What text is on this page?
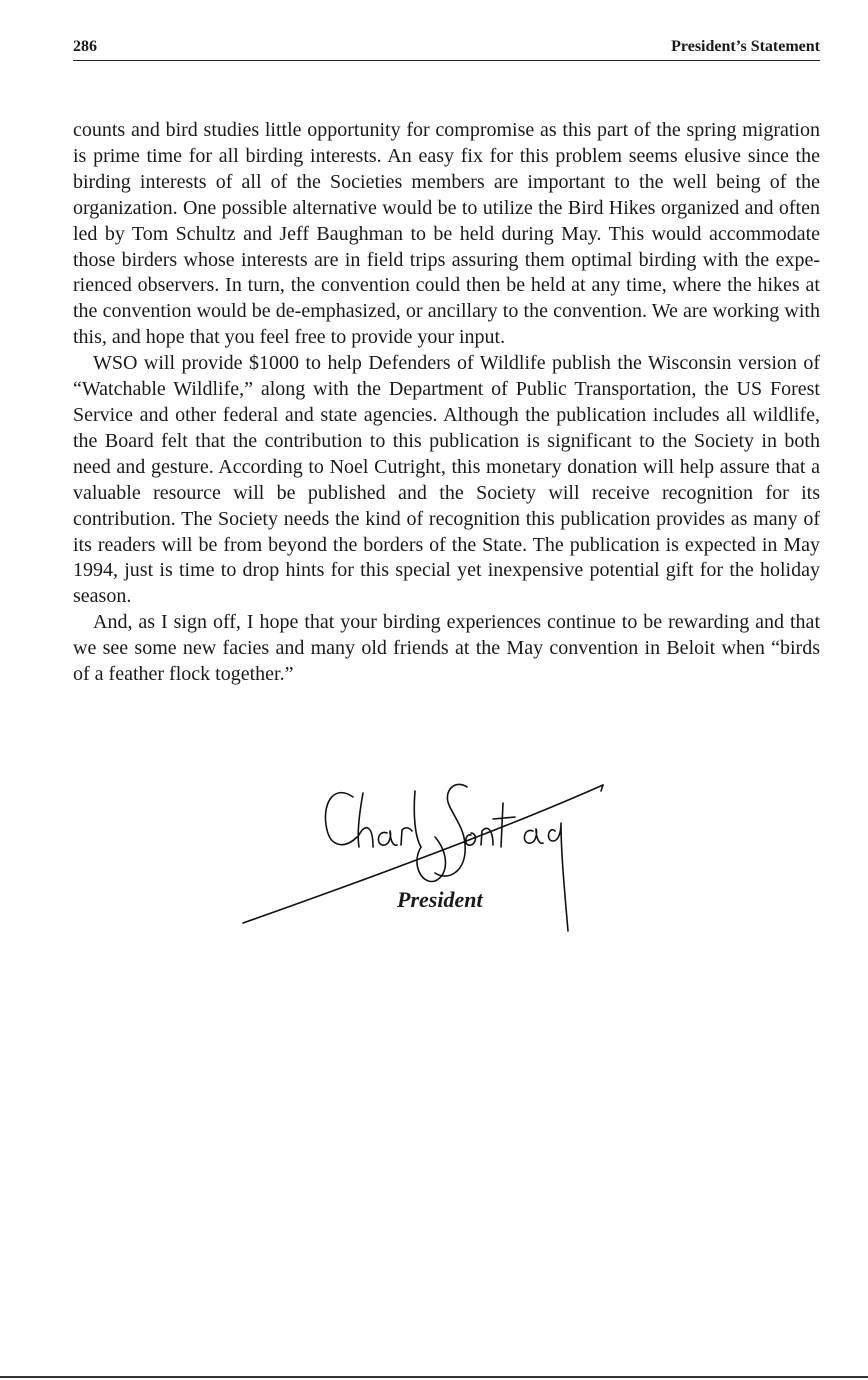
286	President’s Statement

counts and bird studies little opportunity for compromise as this part of the spring migration is prime time for all birding interests. An easy fix for this problem seems elusive since the birding interests of all of the Societies members are important to the well being of the organization. One possible alternative would be to utilize the Bird Hikes organized and often led by Tom Schultz and Jeff Baughman to be held during May. This would accommodate those birders whose interests are in field trips assuring them optimal birding with the experienced observers. In turn, the convention could then be held at any time, where the hikes at the convention would be de-emphasized, or ancillary to the convention. We are working with this, and hope that you feel free to provide your input.

WSO will provide $1000 to help Defenders of Wildlife publish the Wisconsin version of “Watchable Wildlife,” along with the Department of Public Transportation, the US Forest Service and other federal and state agencies. Although the publication includes all wildlife, the Board felt that the contribution to this publication is significant to the Society in both need and gesture. According to Noel Cutright, this monetary donation will help assure that a valuable resource will be published and the Society will receive recognition for its contribution. The Society needs the kind of recognition this publication provides as many of its readers will be from beyond the borders of the State. The publication is expected in May 1994, just is time to drop hints for this special yet inexpensive potential gift for the holiday season.

And, as I sign off, I hope that your birding experiences continue to be rewarding and that we see some new facies and many old friends at the May convention in Beloit when “birds of a feather flock together.”

President
